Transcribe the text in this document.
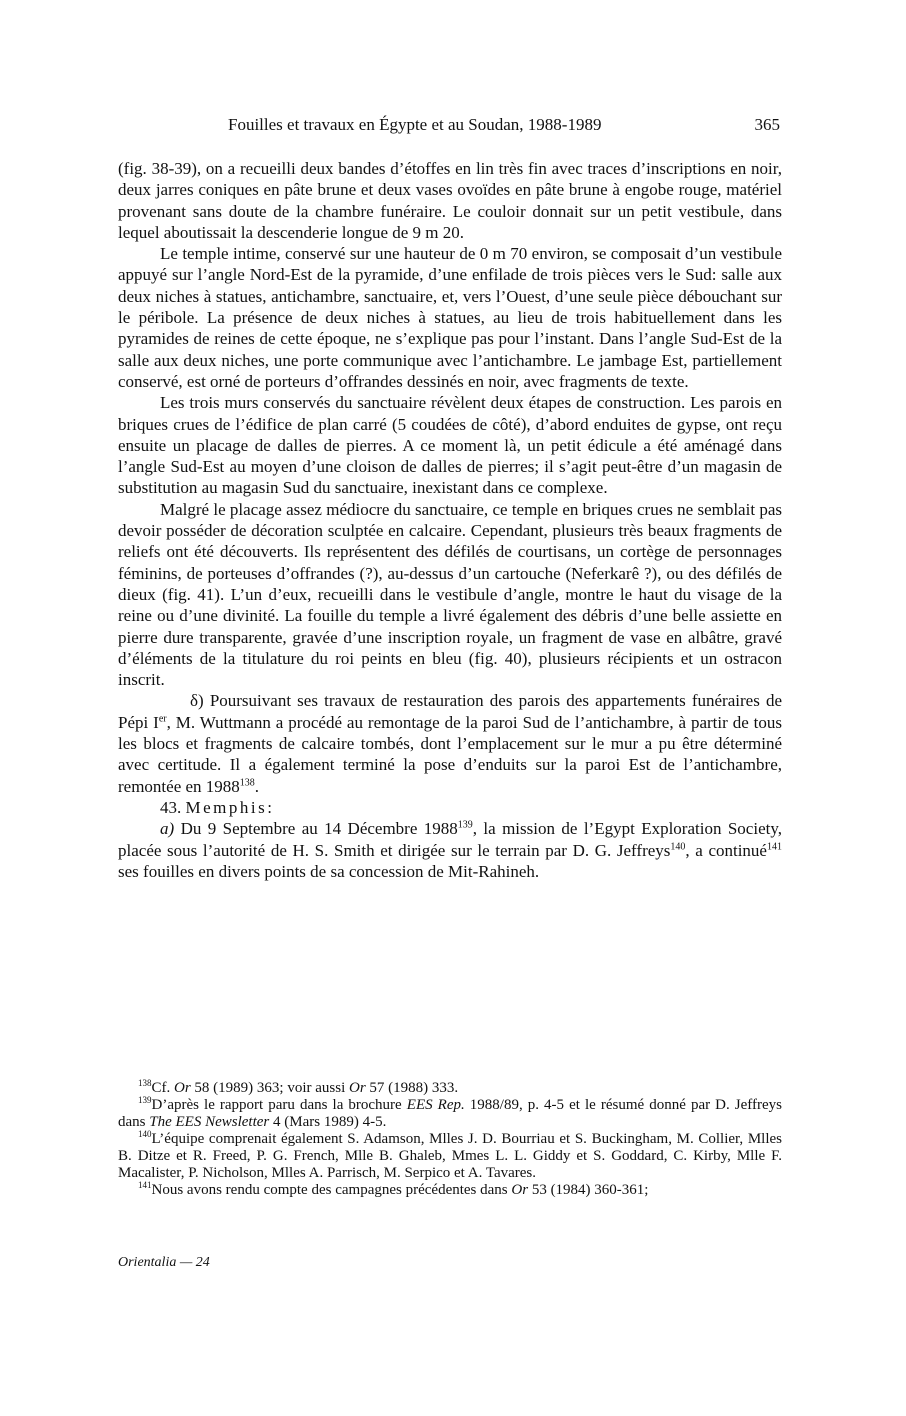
Fouilles et travaux en Égypte et au Soudan, 1988-1989	365

(fig. 38-39), on a recueilli deux bandes d’étoffes en lin très fin avec traces d’inscriptions en noir, deux jarres coniques en pâte brune et deux vases ovoïdes en pâte brune à engobe rouge, matériel provenant sans doute de la chambre funéraire. Le couloir donnait sur un petit vestibule, dans lequel aboutissait la descenderie longue de 9 m 20.

Le temple intime, conservé sur une hauteur de 0 m 70 environ, se composait d’un vestibule appuyé sur l’angle Nord-Est de la pyramide, d’une enfilade de trois pièces vers le Sud: salle aux deux niches à statues, antichambre, sanctuaire, et, vers l’Ouest, d’une seule pièce débouchant sur le péribole. La présence de deux niches à statues, au lieu de trois habituellement dans les pyramides de reines de cette époque, ne s’explique pas pour l’instant. Dans l’angle Sud-Est de la salle aux deux niches, une porte communique avec l’antichambre. Le jambage Est, partiellement conservé, est orné de porteurs d’offrandes dessinés en noir, avec fragments de texte.

Les trois murs conservés du sanctuaire révèlent deux étapes de construction. Les parois en briques crues de l’édifice de plan carré (5 coudées de côté), d’abord enduites de gypse, ont reçu ensuite un placage de dalles de pierres. A ce moment là, un petit édicule a été aménagé dans l’angle Sud-Est au moyen d’une cloison de dalles de pierres; il s’agit peut-être d’un magasin de substitution au magasin Sud du sanctuaire, inexistant dans ce complexe.

Malgré le placage assez médiocre du sanctuaire, ce temple en briques crues ne semblait pas devoir posséder de décoration sculptée en calcaire. Cependant, plusieurs très beaux fragments de reliefs ont été découverts. Ils représentent des défilés de courtisans, un cortège de personnages féminins, de porteuses d’offrandes (?), au-dessus d’un cartouche (Neferkarê ?), ou des défilés de dieux (fig. 41). L’un d’eux, recueilli dans le vestibule d’angle, montre le haut du visage de la reine ou d’une divinité. La fouille du temple a livré également des débris d’une belle assiette en pierre dure transparente, gravée d’une inscription royale, un fragment de vase en albâtre, gravé d’éléments de la titulature du roi peints en bleu (fig. 40), plusieurs récipients et un ostracon inscrit.

δ) Poursuivant ses travaux de restauration des parois des appartements funéraires de Pépi Ier, M. Wuttmann a procédé au remontage de la paroi Sud de l’antichambre, à partir de tous les blocs et fragments de calcaire tombés, dont l’emplacement sur le mur a pu être déterminé avec certitude. Il a également terminé la pose d’enduits sur la paroi Est de l’antichambre, remontée en 1988$^{138}$.

43. Memphis:

a) Du 9 Septembre au 14 Décembre 1988$^{139}$, la mission de l’Egypt Exploration Society, placée sous l’autorité de H. S. Smith et dirigée sur le terrain par D. G. Jeffreys$^{140}$, a continué$^{141}$ ses fouilles en divers points de sa concession de Mit-Rahineh.

$^{138}$Cf. Or 58 (1989) 363; voir aussi Or 57 (1988) 333.

$^{139}$D’après le rapport paru dans la brochure EES Rep. 1988/89, p. 4-5 et le résumé donné par D. Jeffreys dans The EES Newsletter 4 (Mars 1989) 4-5.

$^{140}$L’équipe comprenait également S. Adamson, Mlles J. D. Bourriau et S. Buckingham, M. Collier, Mlles B. Ditze et R. Freed, P. G. French, Mlle B. Ghaleb, Mmes L. L. Giddy et S. Goddard, C. Kirby, Mlle F. Macalister, P. Nicholson, Mlles A. Parrisch, M. Serpico et A. Tavares.

$^{141}$Nous avons rendu compte des campagnes précédentes dans Or 53 (1984) 360-361;

Orientalia — 24
